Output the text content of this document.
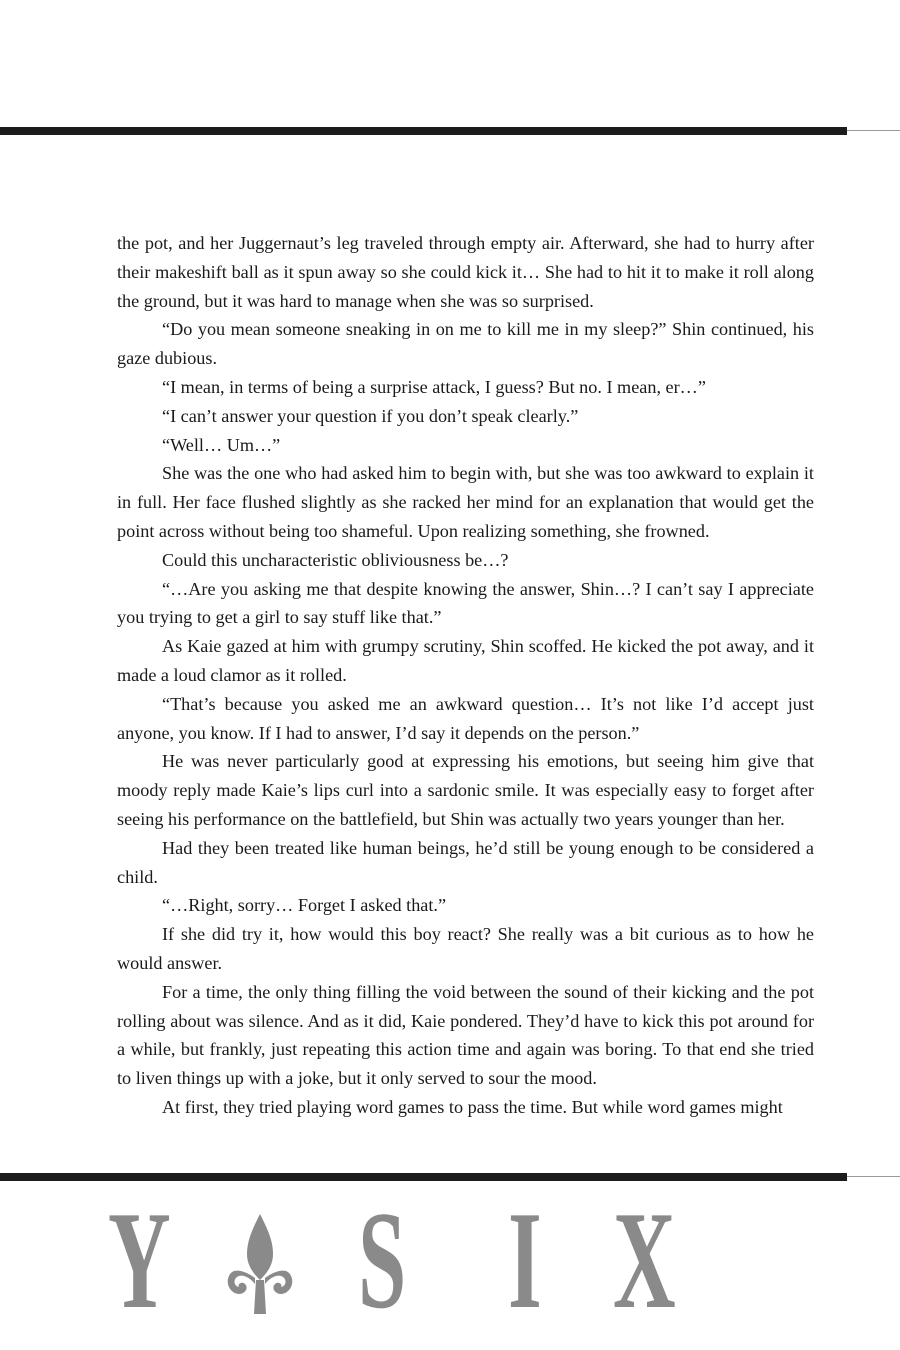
the pot, and her Juggernaut’s leg traveled through empty air. Afterward, she had to hurry after their makeshift ball as it spun away so she could kick it… She had to hit it to make it roll along the ground, but it was hard to manage when she was so surprised.

“Do you mean someone sneaking in on me to kill me in my sleep?” Shin continued, his gaze dubious.

“I mean, in terms of being a surprise attack, I guess? But no. I mean, er…”

“I can’t answer your question if you don’t speak clearly.”

“Well… Um…”

She was the one who had asked him to begin with, but she was too awkward to explain it in full. Her face flushed slightly as she racked her mind for an explanation that would get the point across without being too shameful. Upon realizing something, she frowned.

Could this uncharacteristic obliviousness be…?

“…Are you asking me that despite knowing the answer, Shin…? I can’t say I appreciate you trying to get a girl to say stuff like that.”

As Kaie gazed at him with grumpy scrutiny, Shin scoffed. He kicked the pot away, and it made a loud clamor as it rolled.

“That’s because you asked me an awkward question… It’s not like I’d accept just anyone, you know. If I had to answer, I’d say it depends on the person.”

He was never particularly good at expressing his emotions, but seeing him give that moody reply made Kaie’s lips curl into a sardonic smile. It was especially easy to forget after seeing his performance on the battlefield, but Shin was actually two years younger than her.

Had they been treated like human beings, he’d still be young enough to be considered a child.

“…Right, sorry… Forget I asked that.”

If she did try it, how would this boy react? She really was a bit curious as to how he would answer.

For a time, the only thing filling the void between the sound of their kicking and the pot rolling about was silence. And as it did, Kaie pondered. They’d have to kick this pot around for a while, but frankly, just repeating this action time and again was boring. To that end she tried to liven things up with a joke, but it only served to sour the mood.

At first, they tried playing word games to pass the time. But while word games might

Y S I X
